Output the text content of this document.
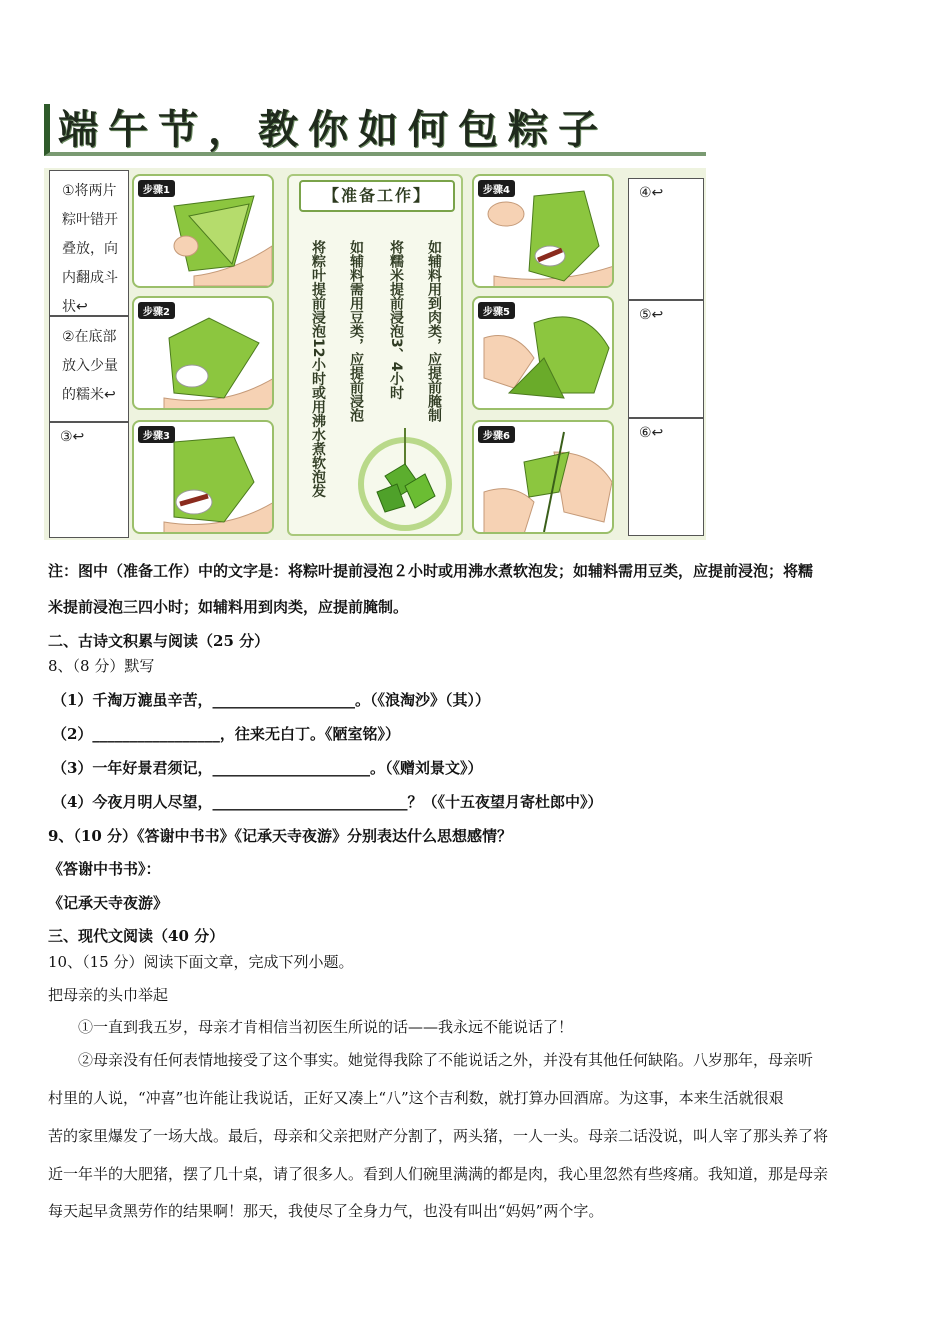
端午节，教你如何包粽子
①将两片粽叶错开叠放，向内翻成斗状↩
②在底部放入少量的糯米↩
③↩
步骤1
步骤2
步骤3
【准备工作】
将粽叶提前浸泡12小时或用沸水煮软泡发 如辅料需用豆类，应提前浸泡 将糯米提前浸泡3、4小时 如辅料用到肉类，应提前腌制
步骤4
步骤5
步骤6
④↩
⑤↩
⑥↩
注：图中（准备工作）中的文字是：将粽叶提前浸泡２小时或用沸水煮软泡发；如辅料需用豆类，应提前浸泡；将糯
米提前浸泡三四小时；如辅料用到肉类，应提前腌制。
二、古诗文积累与阅读（25 分）
8、（8 分）默写
（1）千淘万漉虽辛苦，___________________。（《浪淘沙》（其））
（2）_________________，往来无白丁。《陋室铭》）
（3）一年好景君须记，_____________________。（《赠刘景文》）
（4）今夜月明人尽望，__________________________？（《十五夜望月寄杜郎中》）
9、（10 分）《答谢中书书》《记承天寺夜游》分别表达什么思想感情？
《答谢中书书》：
《记承天寺夜游》
三、现代文阅读（40 分）
10、（15 分）阅读下面文章，完成下列小题。
把母亲的头巾举起
①一直到我五岁，母亲才肯相信当初医生所说的话——我永远不能说话了！
②母亲没有任何表情地接受了这个事实。她觉得我除了不能说话之外，并没有其他任何缺陷。八岁那年，母亲听
村里的人说，“冲喜”也许能让我说话，正好又凑上“八”这个吉利数，就打算办回酒席。为这事，本来生活就很艰
苦的家里爆发了一场大战。最后，母亲和父亲把财产分割了，两头猪，一人一头。母亲二话没说，叫人宰了那头养了将
近一年半的大肥猪，摆了几十桌，请了很多人。看到人们碗里满满的都是肉，我心里忽然有些疼痛。我知道，那是母亲
每天起早贪黑劳作的结果啊！那天，我使尽了全身力气，也没有叫出“妈妈”两个字。
